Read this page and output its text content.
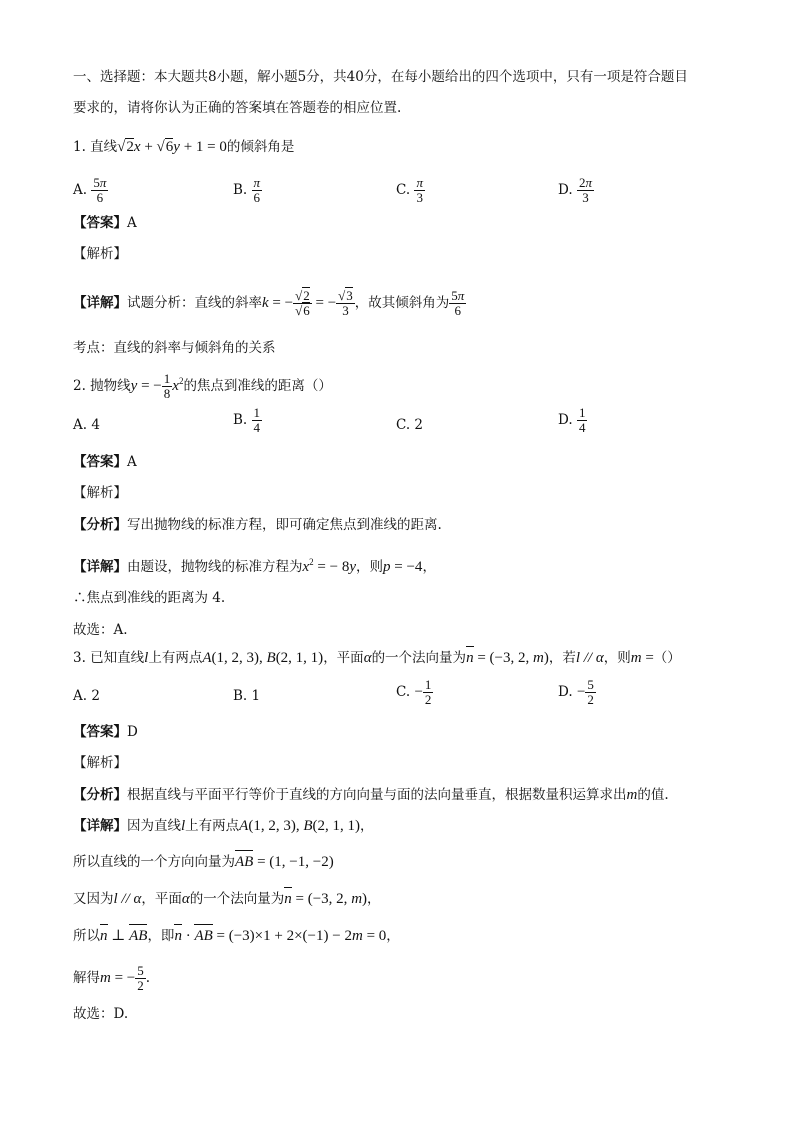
一、选择题：本大题共8小题，解小题5分，共40分，在每小题给出的四个选项中，只有一项是符合题目
要求的，请将你认为正确的答案填在答题卷的相应位置.
1. 直线√2x + √6y + 1 = 0的倾斜角是
A. $\frac{5\pi}{6}$	B. $\frac{\pi}{6}$	C. $\frac{\pi}{3}$	D. $\frac{2\pi}{3}$
【答案】A
【解析】
【详解】试题分析：直线的斜率k = − $\frac{√2}{√6}$ = − $\frac{√3}{3}$ ，故其倾斜角为 $\frac{5\pi}{6}$
考点：直线的斜率与倾斜角的关系
2. 抛物线y = − $\frac{1}{8} x^2$的焦点到准线的距离（）
A. 4	B. $\frac{1}{4}$	C. 2	D. $\frac{1}{4}$
【答案】A
【解析】
【分析】写出抛物线的标准方程，即可确定焦点到准线的距离.
【详解】由题设，抛物线的标准方程为$x^2$ = − 8y，则p = −4，
∴焦点到准线的距离为 4.
故选：A.
3. 已知直线l上有两点A(1, 2, 3), B(2, 1, 1)，平面α的一个法向量为n = (−3, 2, m)，若l // α，则m =（）
A. 2	B. 1	C. − $\frac{1}{2}$	D. − $\frac{5}{2}$
【答案】D
【解析】
【分析】根据直线与平面平行等价于直线的方向向量与面的法向量垂直，根据数量积运算求出m的值.
【详解】因为直线l上有两点A(1, 2, 3), B(2, 1, 1)，
所以直线的一个方向向量为AB = (1, −1, −2)
又因为l // α，平面α的一个法向量为n = (−3, 2, m)，
所以n ⊥ AB，即n · AB = (−3)×1 + 2×(−1) − 2m = 0，
解得m = − $\frac{5}{2}$ .
故选：D.
